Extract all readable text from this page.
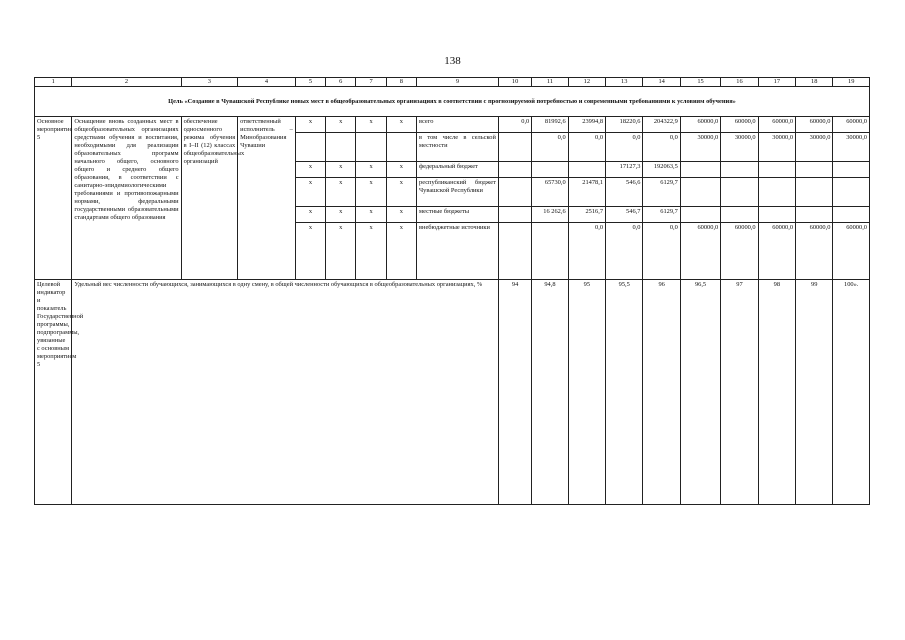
138
1	2	3	4	5	6	7	8	9	10	11	12	13	14	15	16	17	18	19
Цель «Создание в Чувашской Республике новых мест в общеобразовательных организациях в соответствии с прогнозируемой потребностью и современными требованиями к условиям обучения»																		
Основное мероприятие 5	Оснащение вновь созданных мест в общеобразовательных организациях средствами обучения и воспитания, необходимыми для реализации образовательных программ начального общего, основного общего и среднего общего образования, в соответствии с санитарно-эпидемиологическими требованиями и противопожарными нормами, федеральными государственными образовательными стандартами общего образования	обеспечение односменного режима обучения в I–II (12) классах общеобразовательных организаций	ответственный исполнитель – Минобразования Чувашии	x	x	x	x	всего	0,0	81992,6	23994,8	18220,6	204322,9	60000,0	60000,0	60000,0	60000,0	60000,0
								в том числе в сельской местности		0,0	0,0	0,0	0,0	30000,0	30000,0	30000,0	30000,0	30000,0
				x	x	x	x	федеральный бюджет				17127,3	192063,5					
				x	x	x	x	республиканский бюджет Чувашской Республики		65730,0	21478,1	546,6	6129,7					
				x	x	x	x	местные бюджеты		16 262,6	2516,7	546,7	6129,7					
				x	x	x	x	внебюджетные источники			0,0	0,0	0,0	60000,0	60000,0	60000,0	60000,0	60000,0
Целевой индикатор и показатель Государственной программы, подпрограммы, увязанные с основным мероприятием 5	Удельный вес численности обучающихся, занимающихся в одну смену, в общей численности обучающихся в общеобразовательных организациях, %								94	94,8	95	95,5	96	96,5	97	98	99	100».
